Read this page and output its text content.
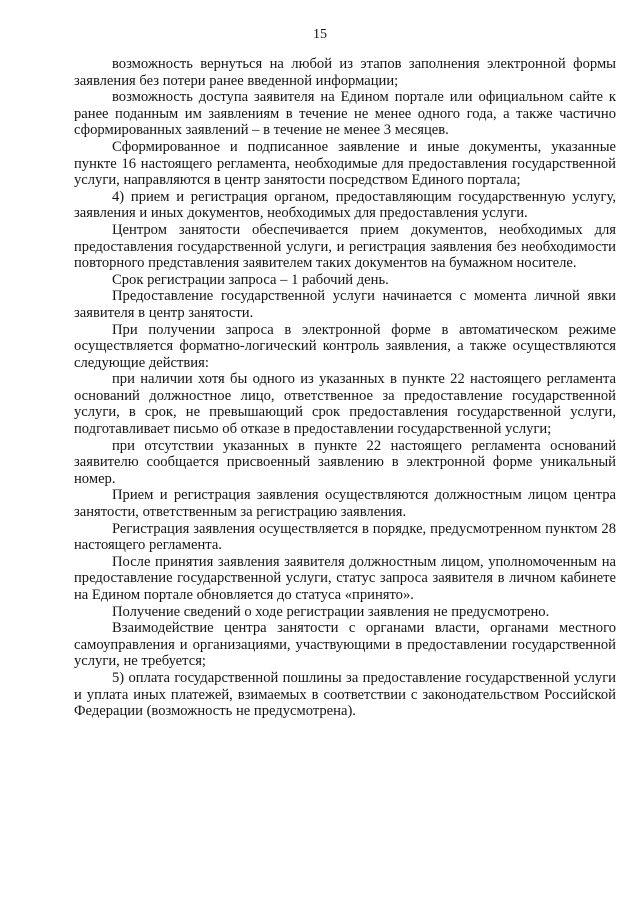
15

возможность вернуться на любой из этапов заполнения электронной формы заявления без потери ранее введенной информации;

возможность доступа заявителя на Едином портале или официальном сайте к ранее поданным им заявлениям в течение не менее одного года, а также частично сформированных заявлений – в течение не менее 3 месяцев.

Сформированное и подписанное заявление и иные документы, указанные пункте 16 настоящего регламента, необходимые для предоставления государственной услуги, направляются в центр занятости посредством Единого портала;

4) прием и регистрация органом, предоставляющим государственную услугу, заявления и иных документов, необходимых для предоставления услуги.

Центром занятости обеспечивается прием документов, необходимых для предоставления государственной услуги, и регистрация заявления без необходимости повторного представления заявителем таких документов на бумажном носителе.

Срок регистрации запроса – 1 рабочий день.

Предоставление государственной услуги начинается с момента личной явки заявителя в центр занятости.

При получении запроса в электронной форме в автоматическом режиме осуществляется форматно-логический контроль заявления, а также осуществляются следующие действия:

при наличии хотя бы одного из указанных в пункте 22 настоящего регламента оснований должностное лицо, ответственное за предоставление государственной услуги, в срок, не превышающий срок предоставления государственной услуги, подготавливает письмо об отказе в предоставлении государственной услуги;

при отсутствии указанных в пункте 22 настоящего регламента оснований заявителю сообщается присвоенный заявлению в электронной форме уникальный номер.

Прием и регистрация заявления осуществляются должностным лицом центра занятости, ответственным за регистрацию заявления.

Регистрация заявления осуществляется в порядке, предусмотренном пунктом 28 настоящего регламента.

После принятия заявления заявителя должностным лицом, уполномоченным на предоставление государственной услуги, статус запроса заявителя в личном кабинете на Едином портале обновляется до статуса «принято».

Получение сведений о ходе регистрации заявления не предусмотрено.

Взаимодействие центра занятости с органами власти, органами местного самоуправления и организациями, участвующими в предоставлении государственной услуги, не требуется;

5) оплата государственной пошлины за предоставление государственной услуги и уплата иных платежей, взимаемых в соответствии с законодательством Российской Федерации (возможность не предусмотрена).
